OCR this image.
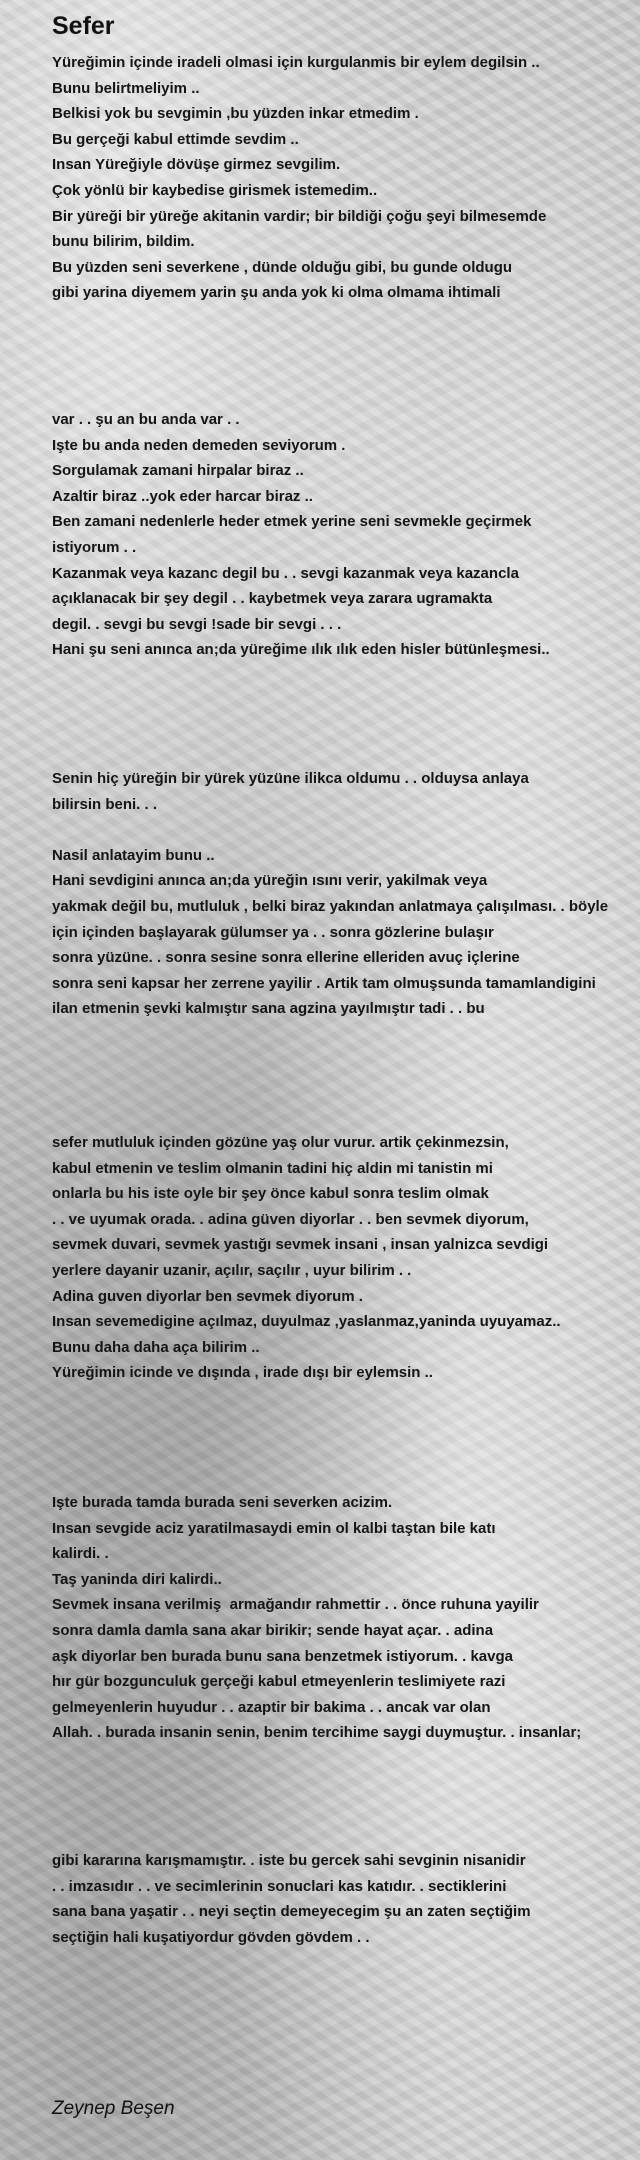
Sefer
Yüreğimin içinde iradeli olmasi için kurgulanmis bir eylem degilsin ..
Bunu belirtmeliyim ..
Belkisi yok bu sevgimin ,bu yüzden inkar etmedim .
Bu gerçeği kabul ettimde sevdim ..
Insan Yüreğiyle dövüşe girmez sevgilim.
Çok yönlü bir kaybedise girismek istemedim..
Bir yüreği bir yüreğe akitanin vardir; bir bildiği çoğu şeyi bilmesemde
bunu bilirim, bildim.
Bu yüzden seni severkene , dünde olduğu gibi, bu gunde oldugu
gibi yarina diyemem yarin şu anda yok ki olma olmama ihtimali
var . . şu an bu anda var . .
Işte bu anda neden demeden seviyorum .
Sorgulamak zamani hirpalar biraz ..
Azaltir biraz ..yok eder harcar biraz ..
Ben zamani nedenlerle heder etmek yerine seni sevmekle geçirmek
istiyorum . .
Kazanmak veya kazanc degil bu . . sevgi kazanmak veya kazancla
açıklanacak bir şey degil . . kaybetmek veya zarara ugramakta
degil. . sevgi bu sevgi !sade bir sevgi . . .
Hani şu seni anınca an;da yüreğime ılık ılık eden hisler bütünleşmesi..
Senin hiç yüreğin bir yürek yüzüne ilikca oldumu . . olduysa anlaya
bilirsin beni. . .
Nasil anlatayim bunu ..
Hani sevdigini anınca an;da yüreğin ısını verir, yakilmak veya
yakmak değil bu, mutluluk , belki biraz yakından anlatmaya çalışılması. . böyle
için içinden başlayarak gülumser ya . . sonra gözlerine bulaşır
sonra yüzüne. . sonra sesine sonra ellerine elleriden avuç içlerine
sonra seni kapsar her zerrene yayilir . Artik tam olmuşsunda tamamlandigini
ilan etmenin şevki kalmıştır sana agzina yayılmıştır tadi . . bu
sefer mutluluk içinden gözüne yaş olur vurur. artik çekinmezsin,
kabul etmenin ve teslim olmanin tadini hiç aldin mi tanistin mi
onlarla bu his iste oyle bir şey önce kabul sonra teslim olmak
. . ve uyumak orada. . adina güven diyorlar . . ben sevmek diyorum,
sevmek duvari, sevmek yastığı sevmek insani , insan yalnizca sevdigi
yerlere dayanir uzanir, açılır, saçılır , uyur bilirim . .
Adina guven diyorlar ben sevmek diyorum .
Insan sevemedigine açılmaz, duyulmaz ,yaslanmaz,yaninda uyuyamaz..
Bunu daha daha aça bilirim ..
Yüreğimin icinde ve dışında , irade dışı bir eylemsin ..
Işte burada tamda burada seni severken acizim.
Insan sevgide aciz yaratilmasaydi emin ol kalbi taştan bile katı
kalirdi. .
Taş yaninda diri kalirdi..
Sevmek insana verilmiş  armağandır rahmettir . . önce ruhuna yayilir
sonra damla damla sana akar birikir; sende hayat açar. . adina
aşk diyorlar ben burada bunu sana benzetmek istiyorum. . kavga
hır gür bozgunculuk gerçeği kabul etmeyenlerin teslimiyete razi
gelmeyenlerin huyudur . . azaptir bir bakima . . ancak var olan
Allah. . burada insanin senin, benim tercihime saygi duymuştur. . insanlar;
gibi kararına karışmamıştır. . iste bu gercek sahi sevginin nisanidir
. . imzasıdır . . ve secimlerinin sonuclari kas katıdır. . sectiklerini
sana bana yaşatir . . neyi seçtin demeyecegim şu an zaten seçtiğim
seçtiğin hali kuşatiyordur gövden gövdem . .
Zeynep Beşen
